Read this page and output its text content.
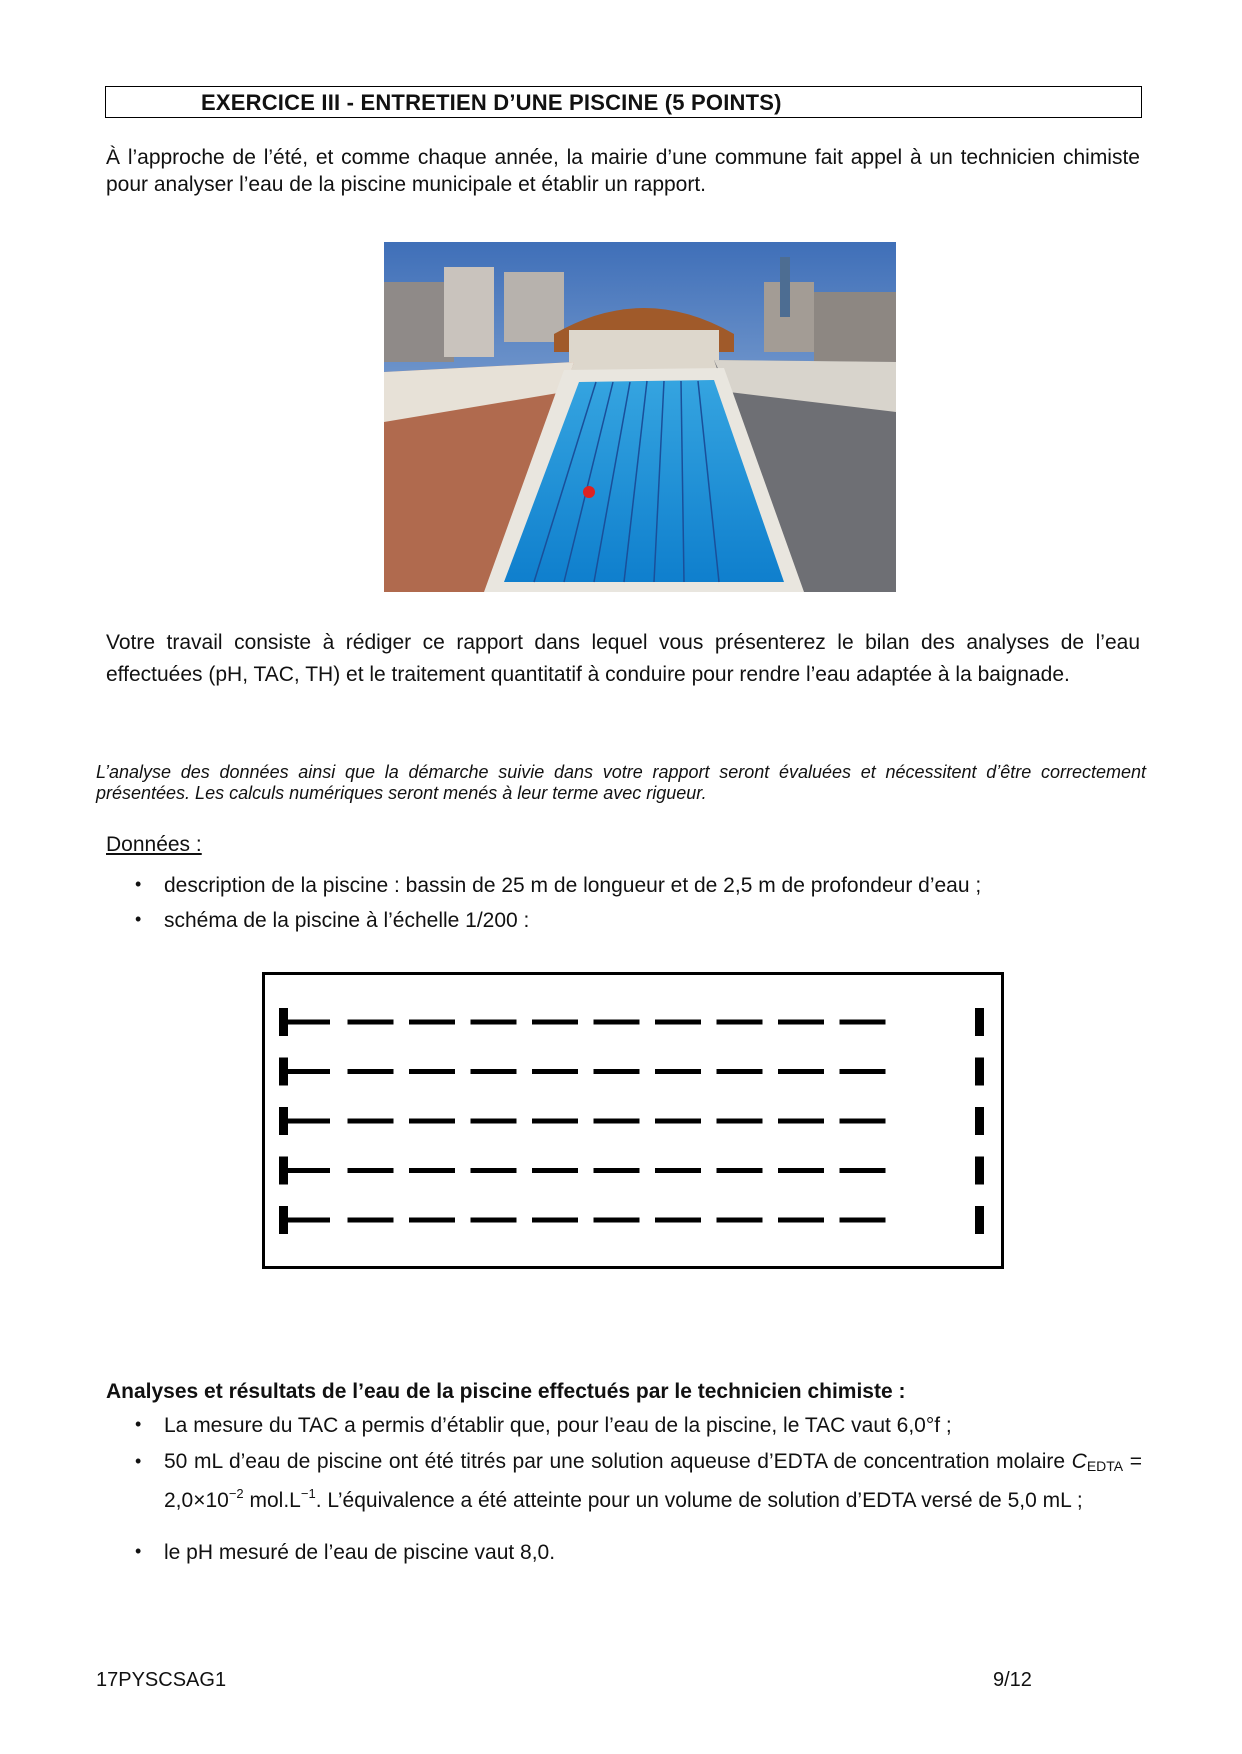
EXERCICE III - ENTRETIEN D’UNE PISCINE (5 POINTS)
À l’approche de l’été, et comme chaque année, la mairie d’une commune fait appel à un technicien chimiste pour analyser l’eau de la piscine municipale et établir un rapport.
Votre travail consiste à rédiger ce rapport dans lequel vous présenterez le bilan des analyses de l’eau effectuées (pH, TAC, TH) et le traitement quantitatif à conduire pour rendre l’eau adaptée à la baignade.
L’analyse des données ainsi que la démarche suivie dans votre rapport seront évaluées et nécessitent d’être correctement présentées. Les calculs numériques seront menés à leur terme avec rigueur.
Données :
• description de la piscine : bassin de 25 m de longueur et de 2,5 m de profondeur d’eau ;
• schéma de la piscine à l’échelle 1/200 :
Analyses et résultats de l’eau de la piscine effectués par le technicien chimiste :
• La mesure du TAC a permis d’établir que, pour l’eau de la piscine, le TAC vaut 6,0°f ;
• 50 mL d’eau de piscine ont été titrés par une solution aqueuse d’EDTA de concentration molaire $C_{EDTA} = 2,0\times 10^{-2}$ $mol.L^{-1}$. L’équivalence a été atteinte pour un volume de solution d’EDTA versé de 5,0 mL ;
• le pH mesuré de l’eau de piscine vaut 8,0.
17PYSCSAG1	9/12
